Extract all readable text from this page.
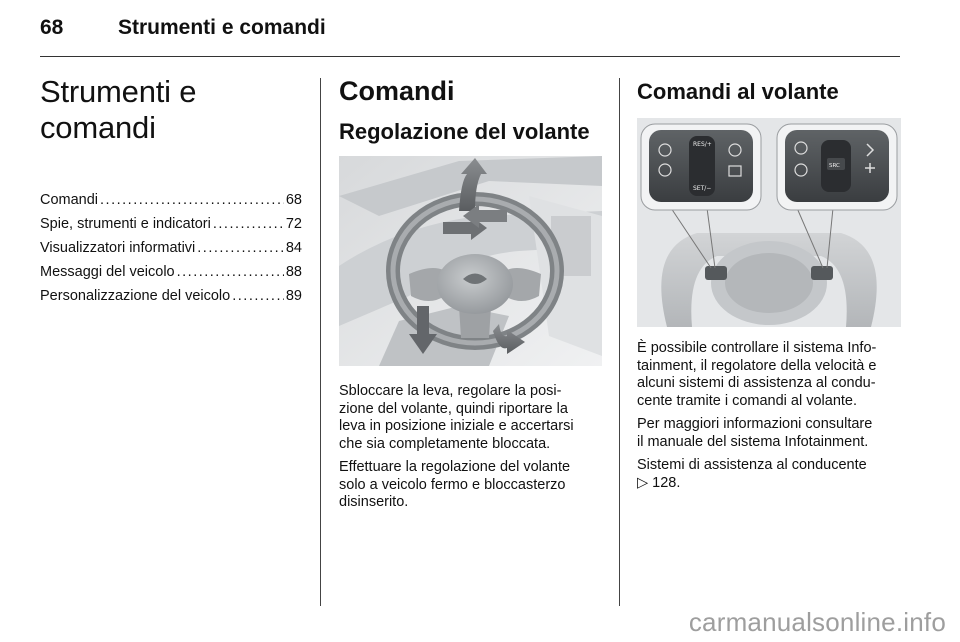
68	Strumenti e comandi
Strumenti e comandi
Comandi .....	68
Spie, strumenti e indicatori .....	72
Visualizzatori informativi .....	84
Messaggi del veicolo .....	88
Personalizzazione del veicolo .....	89
Comandi
Regolazione del volante

Sbloccare la leva, regolare la posi-
zione del volante, quindi riportare la
leva in posizione iniziale e accertarsi
che sia completamente bloccata.

Effettuare la regolazione del volante
solo a veicolo fermo e bloccasterzo
disinserito.

Comandi al volante
RES/+
SET/−
SRC

È possibile controllare il sistema Info-
tainment, il regolatore della velocità e
alcuni sistemi di assistenza al condu-
cente tramite i comandi al volante.

Per maggiori informazioni consultare
il manuale del sistema Infotainment.

Sistemi di assistenza al conducente
▷ 128.

carmanualsonline.info
